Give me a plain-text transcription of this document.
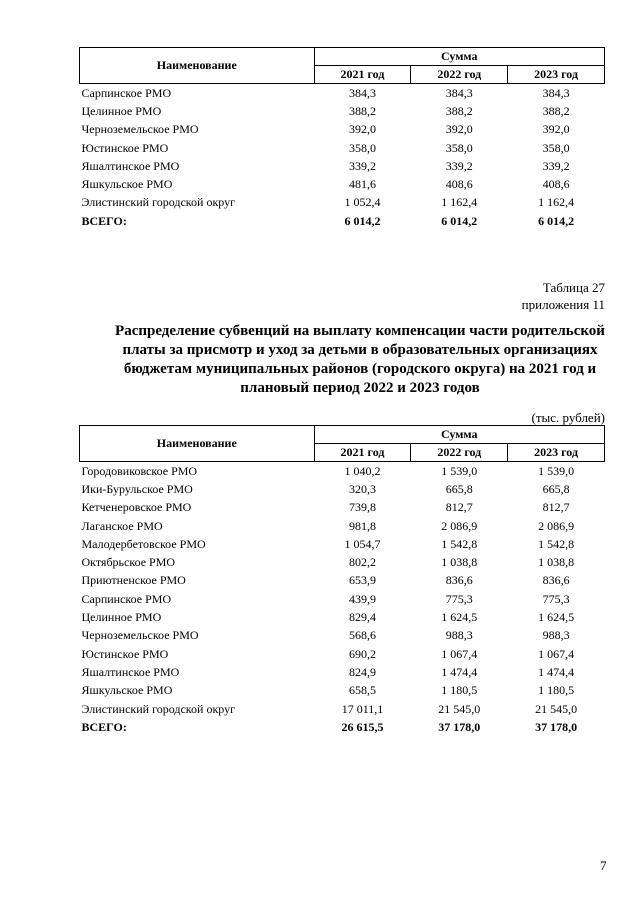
Наименование	Сумма		
	2021 год	2022 год	2023 год
Сарпинское РМО	384,3	384,3	384,3
Целинное РМО	388,2	388,2	388,2
Черноземельское РМО	392,0	392,0	392,0
Юстинское РМО	358,0	358,0	358,0
Яшалтинское РМО	339,2	339,2	339,2
Яшкульское РМО	481,6	408,6	408,6
Элистинский городской округ	1 052,4	1 162,4	1 162,4
ВСЕГО:	6 014,2	6 014,2	6 014,2
Таблица 27
приложения 11
Распределение субвенций на выплату компенсации части родительской
платы за присмотр и уход за детьми в образовательных организациях
бюджетам муниципальных районов (городского округа) на 2021 год и
плановый период 2022 и 2023 годов
(тыс. рублей)
Наименование	Сумма		
	2021 год	2022 год	2023 год
Городовиковское РМО	1 040,2	1 539,0	1 539,0
Ики-Бурульское РМО	320,3	665,8	665,8
Кетченеровское РМО	739,8	812,7	812,7
Лаганское РМО	981,8	2 086,9	2 086,9
Малодербетовское РМО	1 054,7	1 542,8	1 542,8
Октябрьское РМО	802,2	1 038,8	1 038,8
Приютненское РМО	653,9	836,6	836,6
Сарпинское РМО	439,9	775,3	775,3
Целинное РМО	829,4	1 624,5	1 624,5
Черноземельское РМО	568,6	988,3	988,3
Юстинское РМО	690,2	1 067,4	1 067,4
Яшалтинское РМО	824,9	1 474,4	1 474,4
Яшкульское РМО	658,5	1 180,5	1 180,5
Элистинский городской округ	17 011,1	21 545,0	21 545,0
ВСЕГО:	26 615,5	37 178,0	37 178,0
7
